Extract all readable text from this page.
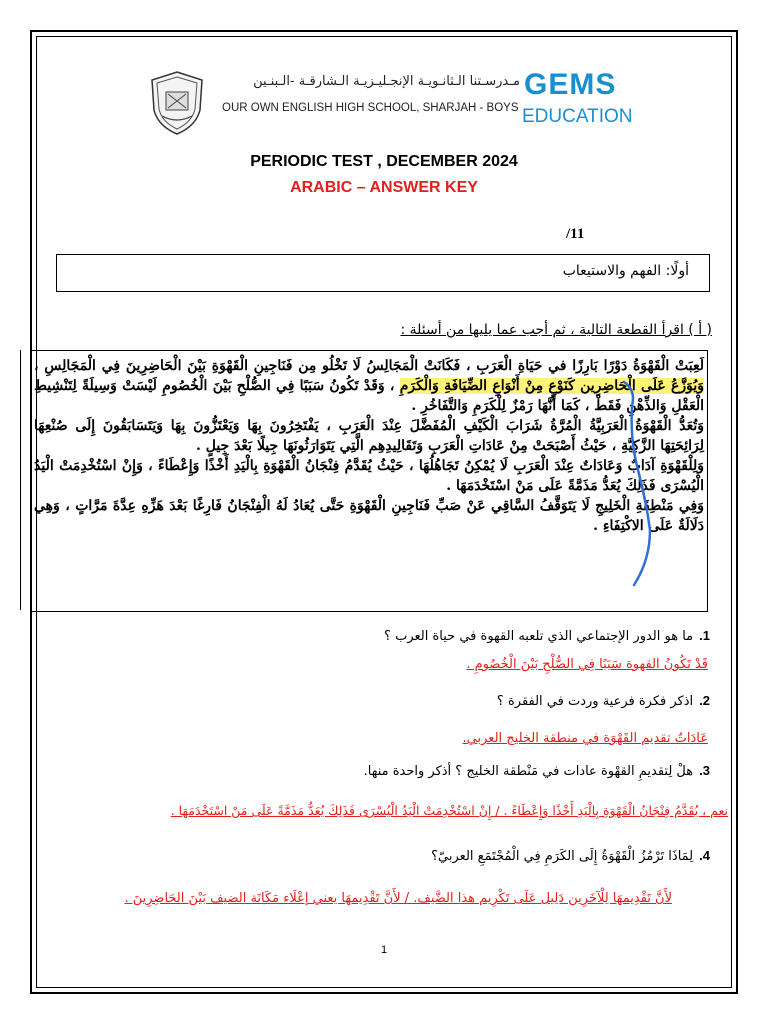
مـدرسـتنا الـثانـويـة الإنجـليـزيـة الـشارقـة -الـبنـين
OUR OWN ENGLISH HIGH SCHOOL, SHARJAH - BOYS
GEMS
EDUCATION
PERIODIC TEST , DECEMBER 2024
ARABIC – ANSWER KEY
/11
أولًا: الفهم والاستيعاب
( أ ) اقرأ القطعة التالية ، ثم أجب عما يليها من أسئلة :

لَعِبَتْ الْقَهْوَةُ دَوْرًا بَارِزًا في حَيَاةِ الْعَرَبِ ، فَكَانَتْ الْمَجَالِسُ لَا تَخْلُو مِن فَنَاجِينِ الْقَهْوَةِ بَيْنَ الْحَاضِرِينَ فِي الْمَجَالِسِ ، وَيُوَزَّعُ عَلَى الْحَاضِرِين كَنَوْعٍ مِنْ أَنْوَاعِ الضِّيَافَةِ وَالْكَرَمِ ، وَقَدْ تَكُونُ سَبَبًا فِي الصُّلْحِ بَيْنَ الْخُصُومِ لَيْسَتْ وَسِيلَةً لِتَنْشِيطِ الْعَقْلِ وَالذِّهْنِ فَقَطْ ، كَمَا أَنَّهَا رَمْزٌ لِلْكَرَمِ وَالتَّفَاخُرِ .

وَتُعَدُّ الْقَهْوَةُ الْعَرَبِيَّةُ الْمُرَّةُ شَرَابَ الْكَيْفِ الْمُفَضَّلَ عِنْدَ الْعَرَبِ ، يَفْتَخِرُونَ بِهَا وَيَعْتَزُّونَ بِهَا وَيَتَسَابَقُونَ إِلَى صُنْعِهَا لِرَائِحَتِهَا الزَّكِيَّةِ ، حَيْثُ أَصْبَحَتْ مِنْ عَادَاتِ الْعَرَبِ وَتَقَالِيدِهِم الَّتِي يَتَوَارَثُونَهَا جِيلًا بَعْدَ جِيلٍ .

وَلِلْقَهْوَةِ آدَابٌ وَعَادَاتٌ عِنْدَ الْعَرَبِ لَا يُمْكِنُ تَجَاهُلُهَا ، حَيْثُ يُقَدَّمُ فِنْجَانُ الْقَهْوَةِ بِالْيَدِ أَخْذًا وَإِعْطَاءً ، وَإِنْ اسْتُخْدِمَتْ الْيَدُ الْيُسْرَى فَذَلِكَ يُعَدُّ مَذَمَّةً عَلَى مَنْ اسْتَخْدَمَهَا .

وَفِي مَنْطِقَةِ الْخَلِيجِ لَا يَتَوَقَّفُ السَّاقِي عَنْ صَبِّ فَنَاجِينِ الْقَهْوَةِ حَتَّى يُعَادُ لَهُ الْفِنْجَانُ فَارِغًا بَعْدَ هَزِّهِ عِدَّةَ مَرَّاتٍ ، وَهِي دَلَالَةٌ عَلَى الاكْتِفَاءِ .

1.ما هو الدور الإجتماعي الذي تلعبه القهوة في حياة العرب ؟
قَدْ تَكُونُ القهوة سَبَبًا فِي الصُّلْحِ بَيْنَ الْخُصُومِ .
2.اذكر فكرة فرعية وردت في الفقرة ؟
عَادَاتٌ تقديم القَهْوَة في منطقة الخليج العربي.
3.هلْ لِتقديمِ القهْوة عادات في مَنْطقة الخليج ؟ أذكر واحدة منها.
نعم ، يُقَدَّمُ فِنْجَانُ الْقَهْوَةِ بِالْيَدِ أَخْذًا وَإِعْطَاءً . / إِنْ اسْتُخْدِمَتْ الْيَدُ الْيُسْرَى فَذَلِكَ يُعَدُّ مَذَمَّةً عَلَى مَنْ اسْتَخْدَمَهَا .
4.لِمَاذَا تَرْمُزُ الْقَهْوَةُ إِلَى الكَرَمِ فِي الْمُجْتَمَعِ العربيّ؟
لأَنَّ تَقْدِيمهَا لِلْآخَرِين دَلِيل عَلَى تَكْرِيم هذا الضَّيف. / لأَنَّ تَقْدِيمهَا يعني إعْلَاء مَكَانَة الضيف بَيْنَ الحَاضِرِينَ .
1
